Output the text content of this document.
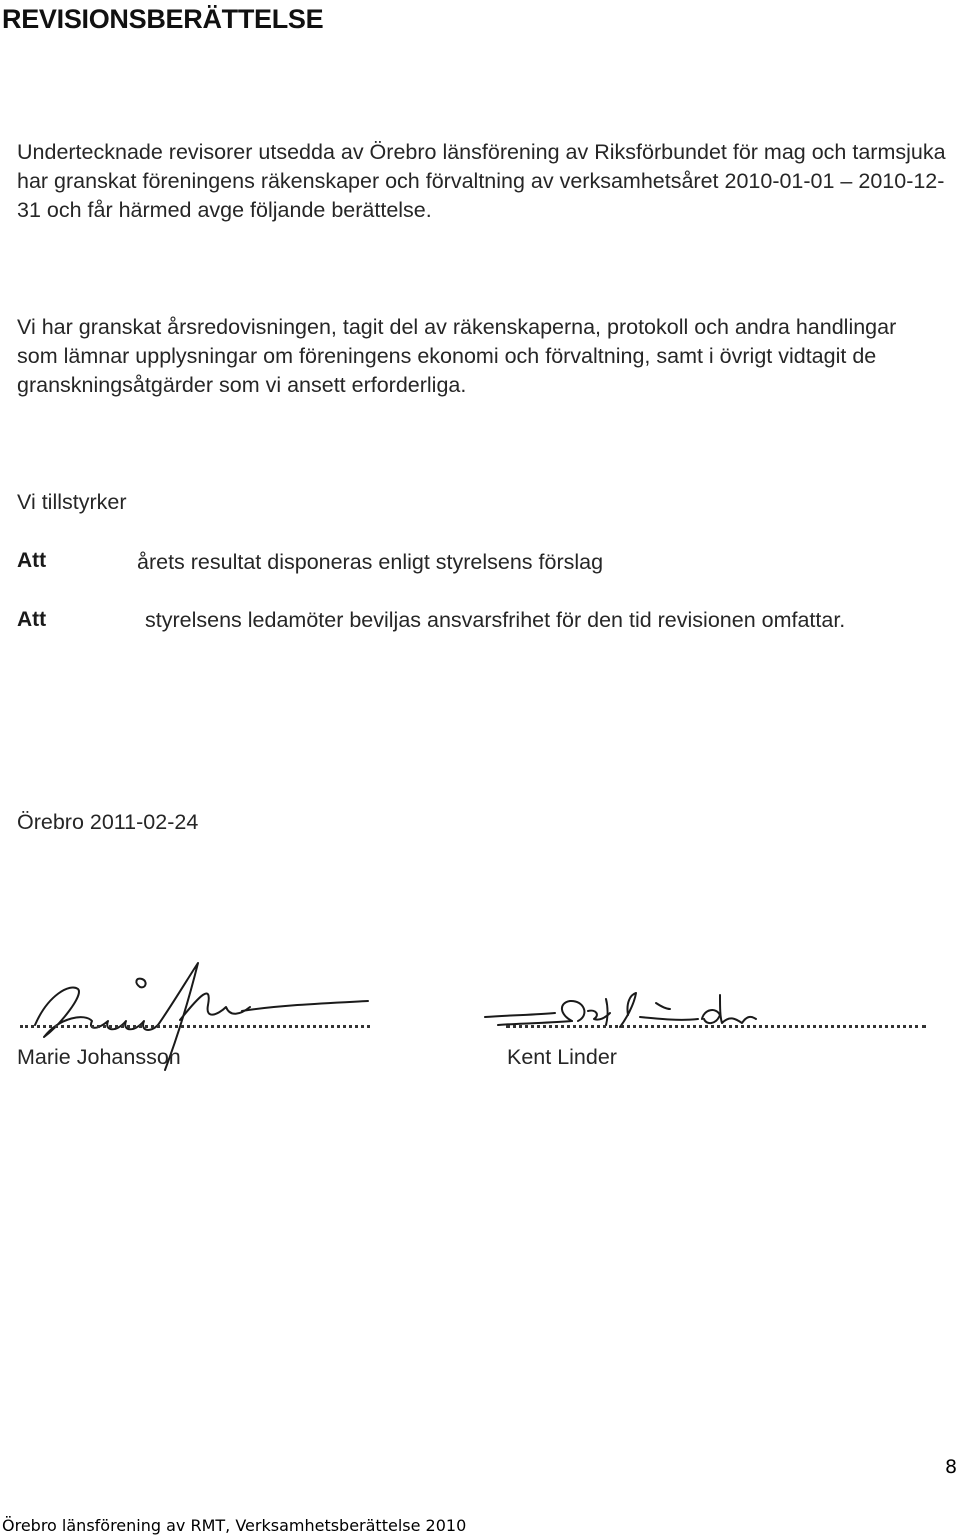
REVISIONSBERÄTTELSE
Undertecknade revisorer utsedda av Örebro länsförening av Riksförbundet för mag och tarmsjuka har granskat föreningens räkenskaper och förvaltning av verksamhetsåret 2010-01-01 – 2010-12-31 och får härmed avge följande berättelse.
Vi har granskat årsredovisningen, tagit del av räkenskaperna, protokoll och andra handlingar som lämnar upplysningar om föreningens ekonomi och förvaltning, samt i övrigt vidtagit de granskningsåtgärder som vi ansett erforderliga.
Vi tillstyrker
Att	årets resultat disponeras enligt styrelsens förslag
Att	styrelsens ledamöter beviljas ansvarsfrihet för den tid revisionen omfattar.
Örebro 2011-02-24
Marie Johansson	Kent Linder
8
Örebro länsförening av RMT, Verksamhetsberättelse 2010
